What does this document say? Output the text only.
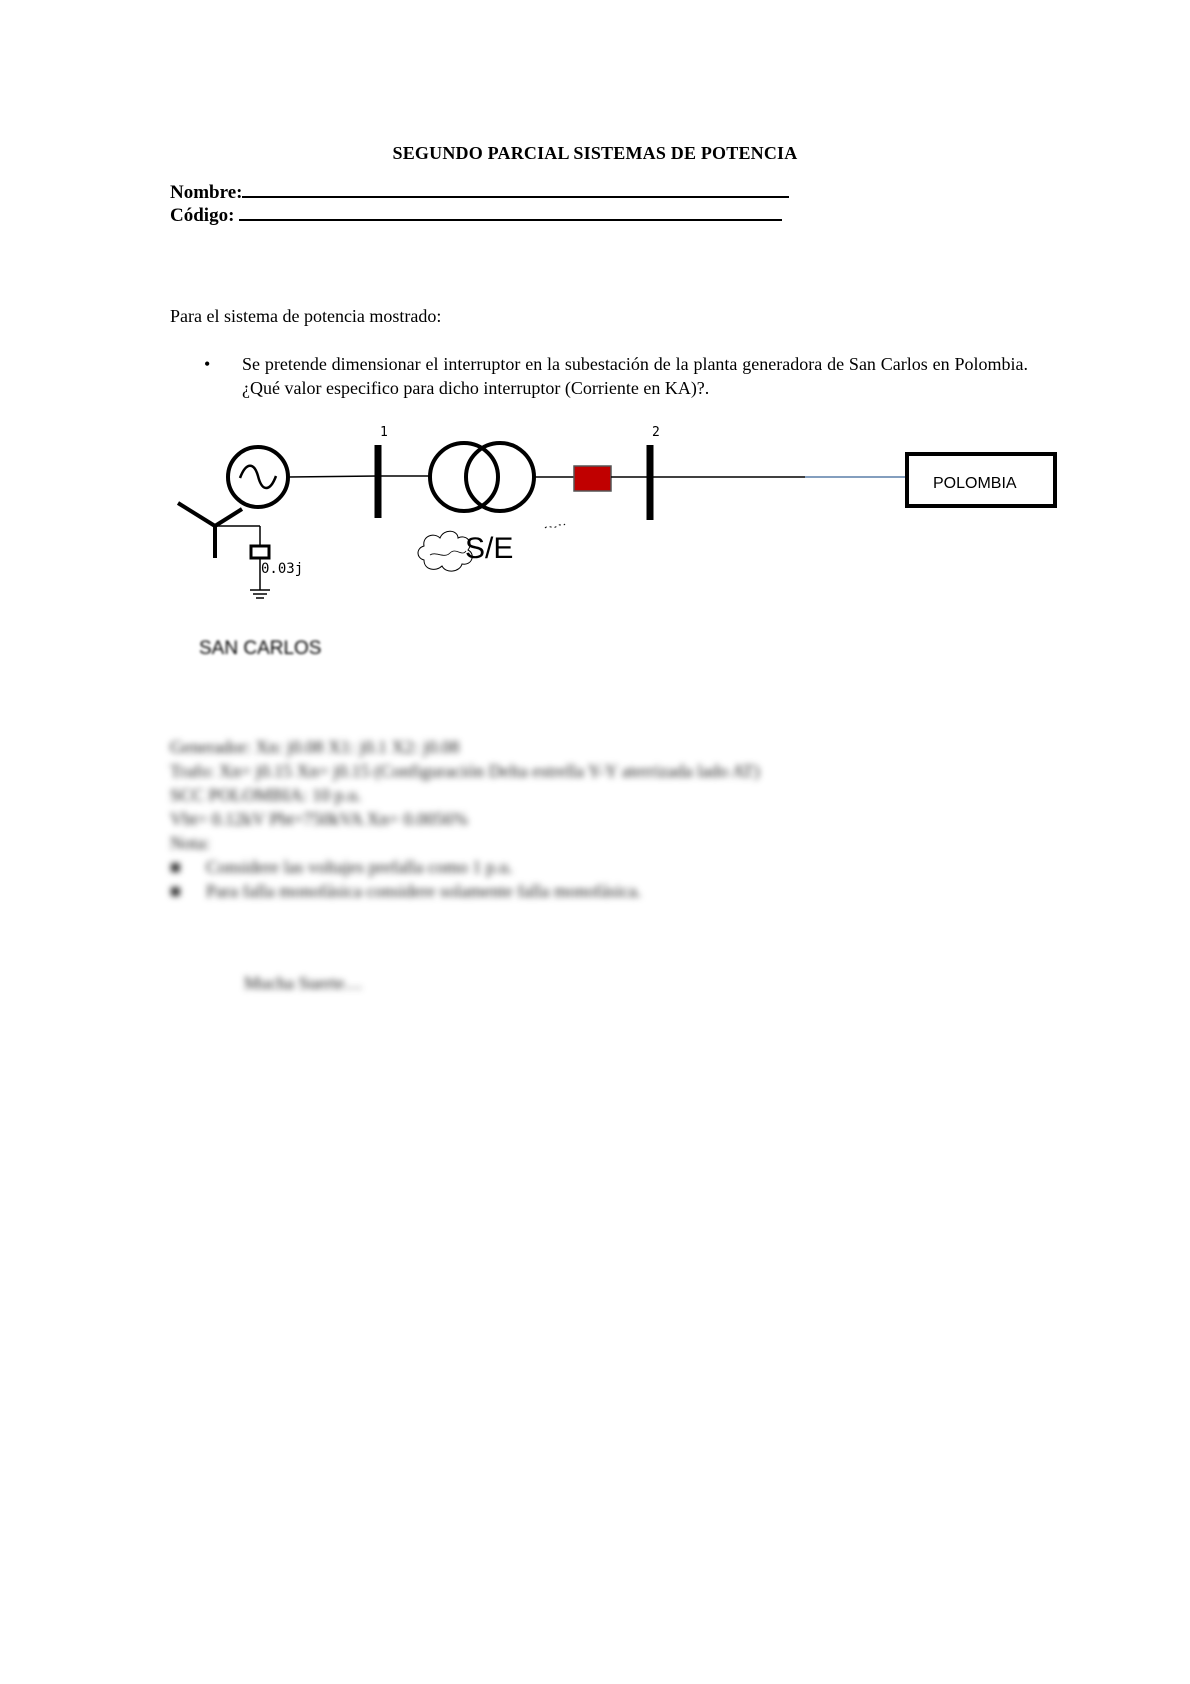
SEGUNDO PARCIAL SISTEMAS DE POTENCIA
Nombre:
Código:
Para el sistema de potencia mostrado:
• Se pretende dimensionar el interruptor en la subestación de la planta generadora de San Carlos en Polombia. ¿Qué valor especifico para dicho interruptor (Corriente en KA)?.
1	2
0.03j
POLOMBIA
S/E
SAN CARLOS
Generador: Xn: j0.08 X1: j0.1 X2: j0.08
Trafo: Xn= j0.15 Xn= j0.15 (Configuración Delta estrella Y-Y aterrizada lado AT)
SCC POLOMBIA: 10 p.u.
Vbt= 0.12kV Pbt=750kVA Xn= 0.0056%
Nota:
■ Considere las voltajes prefalla como 1 p.u.
■ Para falla monofásica considere solamente falla monofásica.
Mucha Suerte…
